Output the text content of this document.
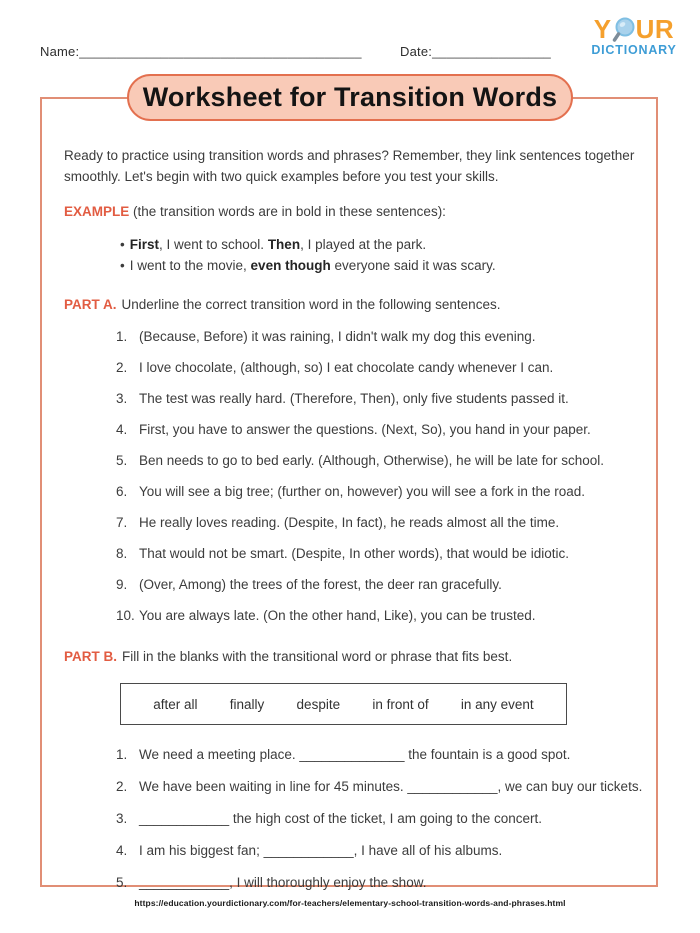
Name:______________________________________	Date:________________
Y UR
DICTIONARY
Worksheet for Transition Words
Ready to practice using transition words and phrases? Remember, they link sentences together smoothly. Let's begin with two quick examples before you test your skills.
EXAMPLE (the transition words are in bold in these sentences):
• First, I went to school. Then, I played at the park.
• I went to the movie, even though everyone said it was scary.
PART A. Underline the correct transition word in the following sentences.
1. (Because, Before) it was raining, I didn't walk my dog this evening.
2. I love chocolate, (although, so) I eat chocolate candy whenever I can.
3. The test was really hard. (Therefore, Then), only five students passed it.
4. First, you have to answer the questions. (Next, So), you hand in your paper.
5. Ben needs to go to bed early. (Although, Otherwise), he will be late for school.
6. You will see a big tree; (further on, however) you will see a fork in the road.
7. He really loves reading. (Despite, In fact), he reads almost all the time.
8. That would not be smart. (Despite, In other words), that would be idiotic.
9. (Over, Among) the trees of the forest, the deer ran gracefully.
10. You are always late. (On the other hand, Like), you can be trusted.
PART B. Fill in the blanks with the transitional word or phrase that fits best.
after all finally despite in front of in any event
1. We need a meeting place. ______________ the fountain is a good spot.
2. We have been waiting in line for 45 minutes. ____________, we can buy our tickets.
3. ____________ the high cost of the ticket, I am going to the concert.
4. I am his biggest fan; ____________, I have all of his albums.
5. ____________, I will thoroughly enjoy the show.
https://education.yourdictionary.com/for-teachers/elementary-school-transition-words-and-phrases.html
